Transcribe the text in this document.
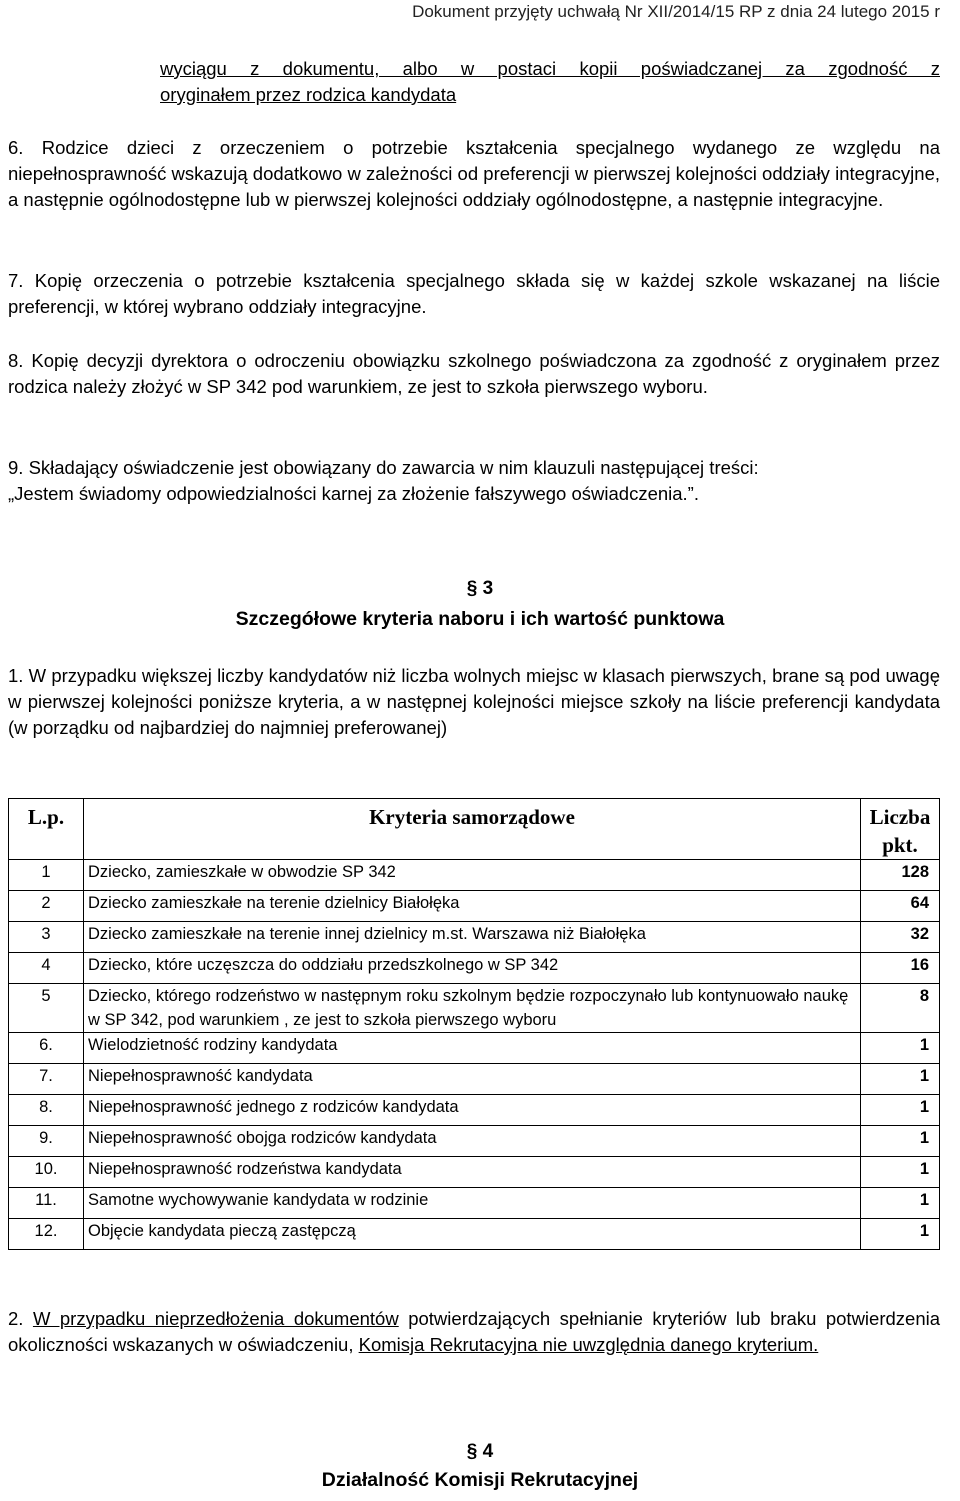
Dokument przyjęty uchwałą Nr XII/2014/15 RP z dnia 24 lutego 2015 r
wyciągu z dokumentu, albo w postaci kopii poświadczanej za zgodność z
oryginałem przez rodzica kandydata
6. Rodzice dzieci z orzeczeniem o potrzebie kształcenia specjalnego wydanego ze względu na niepełnosprawność wskazują dodatkowo w zależności od preferencji w pierwszej kolejności oddziały integracyjne, a następnie ogólnodostępne lub w pierwszej kolejności oddziały ogólnodostępne, a następnie integracyjne.
7. Kopię orzeczenia o potrzebie kształcenia specjalnego składa się w każdej szkole wskazanej na liście preferencji, w której wybrano oddziały integracyjne.
8. Kopię decyzji dyrektora o odroczeniu obowiązku szkolnego poświadczona za zgodność z oryginałem przez rodzica należy złożyć w SP 342 pod warunkiem, ze jest to szkoła pierwszego wyboru.
9. Składający oświadczenie jest obowiązany do zawarcia w nim klauzuli następującej treści:
„Jestem świadomy odpowiedzialności karnej za złożenie fałszywego oświadczenia.”.
§ 3
Szczegółowe kryteria naboru i ich wartość punktowa
1. W przypadku większej liczby kandydatów niż liczba wolnych miejsc w klasach pierwszych, brane są pod uwagę w pierwszej kolejności poniższe kryteria, a w następnej kolejności miejsce szkoły na liście preferencji kandydata (w porządku od najbardziej do najmniej preferowanej)
L.p.	Kryteria samorządowe	Liczba pkt.
1	Dziecko, zamieszkałe w obwodzie SP 342	128
2	Dziecko zamieszkałe na terenie dzielnicy Białołęka	64
3	Dziecko zamieszkałe na terenie innej dzielnicy m.st. Warszawa niż Białołęka	32
4	Dziecko, które uczęszcza do oddziału przedszkolnego w SP 342	16
5	Dziecko, którego rodzeństwo w następnym roku szkolnym będzie rozpoczynało lub kontynuowało naukę w SP 342, pod warunkiem , ze jest to szkoła pierwszego wyboru	8
6.	Wielodzietność rodziny kandydata	1
7.	Niepełnosprawność kandydata	1
8.	Niepełnosprawność jednego z rodziców kandydata	1
9.	Niepełnosprawność obojga rodziców kandydata	1
10.	Niepełnosprawność rodzeństwa kandydata	1
11.	Samotne wychowywanie kandydata w rodzinie	1
12.	Objęcie kandydata pieczą zastępczą	1
2. W przypadku nieprzedłożenia dokumentów potwierdzających spełnianie kryteriów lub braku potwierdzenia okoliczności wskazanych w oświadczeniu, Komisja Rekrutacyjna nie uwzględnia danego kryterium.
§ 4
Działalność Komisji Rekrutacyjnej
